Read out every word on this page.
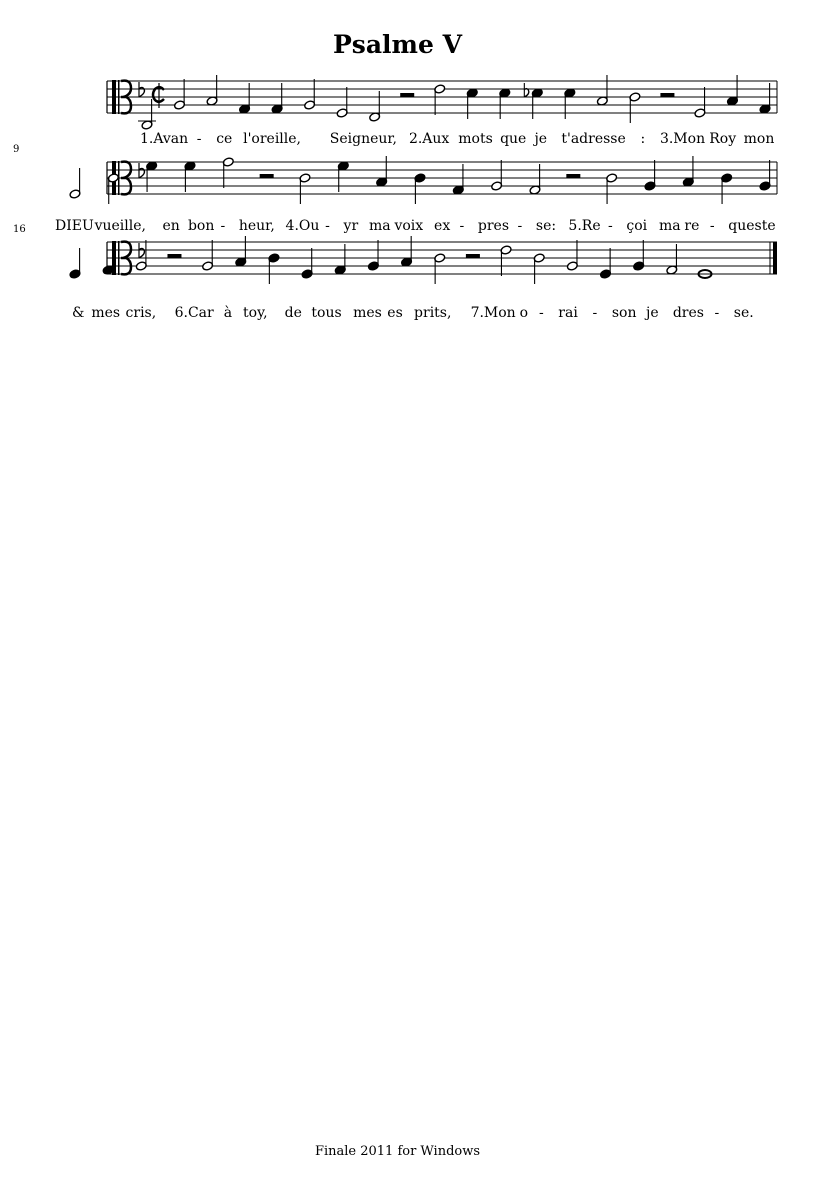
Psalme V
1.Avan - ce l'oreille, Seigneur, 2.Aux mots que je t'adresse : 3.Mon Roy mon
9
DIEU vueille, en bon - heur, 4.Ou - yr ma voix ex - pres - se: 5.Re - çoi ma re - queste
16
& mes cris, 6.Car à toy, de tous mes es prits, 7.Mon o - rai - son je dres - se.
Finale 2011 for Windows
